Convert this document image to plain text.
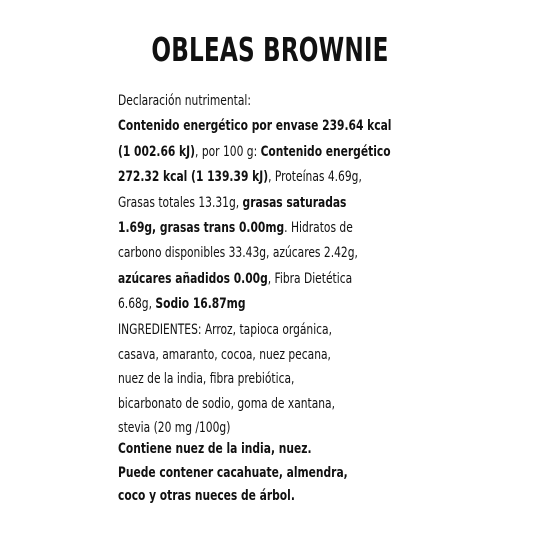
OBLEAS BROWNIE
Declaración nutrimental:
Contenido energético por envase 239.64 kcal
(1 002.66 kJ), por 100 g: Contenido energético
272.32 kcal (1 139.39 kJ), Proteínas 4.69g,
Grasas totales 13.31g, grasas saturadas
1.69g, grasas trans 0.00mg. Hidratos de
carbono disponibles 33.43g, azúcares 2.42g,
azúcares añadidos 0.00g, Fibra Dietética
6.68g, Sodio 16.87mg
INGREDIENTES: Arroz, tapioca orgánica,
casava, amaranto, cocoa, nuez pecana,
nuez de la india, fibra prebiótica,
bicarbonato de sodio, goma de xantana,
stevia (20 mg /100g)
Contiene nuez de la india, nuez.
Puede contener cacahuate, almendra,
coco y otras nueces de árbol.
